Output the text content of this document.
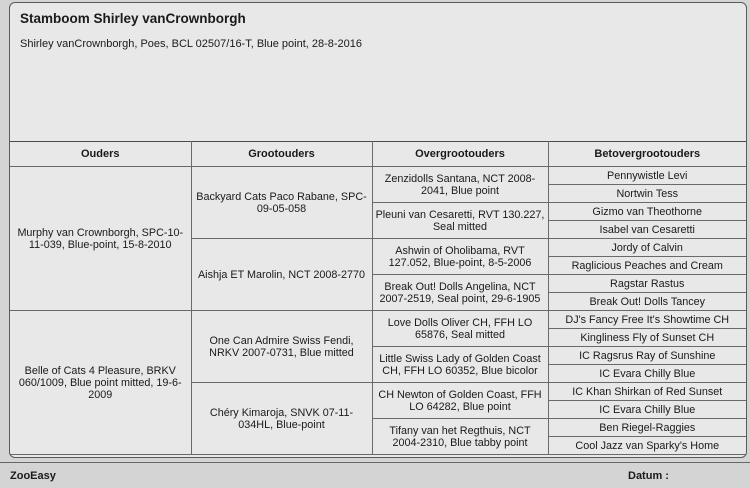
Stamboom Shirley vanCrownborgh
Shirley vanCrownborgh, Poes, BCL 02507/16-T, Blue point, 28-8-2016
Ouders	Grootouders	Overgrootouders	Betovergrootouders
Murphy van Crownborgh, SPC-10-11-039, Blue-point, 15-8-2010	Backyard Cats Paco Rabane, SPC-09-05-058	Zenzidolls Santana, NCT 2008-2041, Blue point	Pennywistle Levi
			Nortwin Tess
		Pleuni van Cesaretti, RVT 130.227, Seal mitted	Gizmo van Theothorne
			Isabel van Cesaretti
	Aishja ET Marolin, NCT 2008-2770	Ashwin of Oholibama, RVT 127.052, Blue-point, 8-5-2006	Jordy of Calvin
			Raglicious Peaches and Cream
		Break Out! Dolls Angelina, NCT 2007-2519, Seal point, 29-6-1905	Ragstar Rastus
			Break Out! Dolls Tancey
Belle of Cats 4 Pleasure, BRKV 060/1009, Blue point mitted, 19-6-2009	One Can Admire Swiss Fendi, NRKV 2007-0731, Blue mitted	Love Dolls Oliver CH, FFH LO 65876, Seal mitted	DJ's Fancy Free It's Showtime CH
			Kingliness Fly of Sunset CH
		Little Swiss Lady of Golden Coast CH, FFH LO 60352, Blue bicolor	IC Ragsrus Ray of Sunshine
			IC Evara Chilly Blue
	Chéry Kimaroja, SNVK 07-11-034HL, Blue-point	CH Newton of Golden Coast, FFH LO 64282, Blue point	IC Khan Shirkan of Red Sunset
			IC Evara Chilly Blue
		Tifany van het Regthuis, NCT 2004-2310, Blue tabby point	Ben Riegel-Raggies
			Cool Jazz van Sparky's Home
ZooEasy	Datum :
